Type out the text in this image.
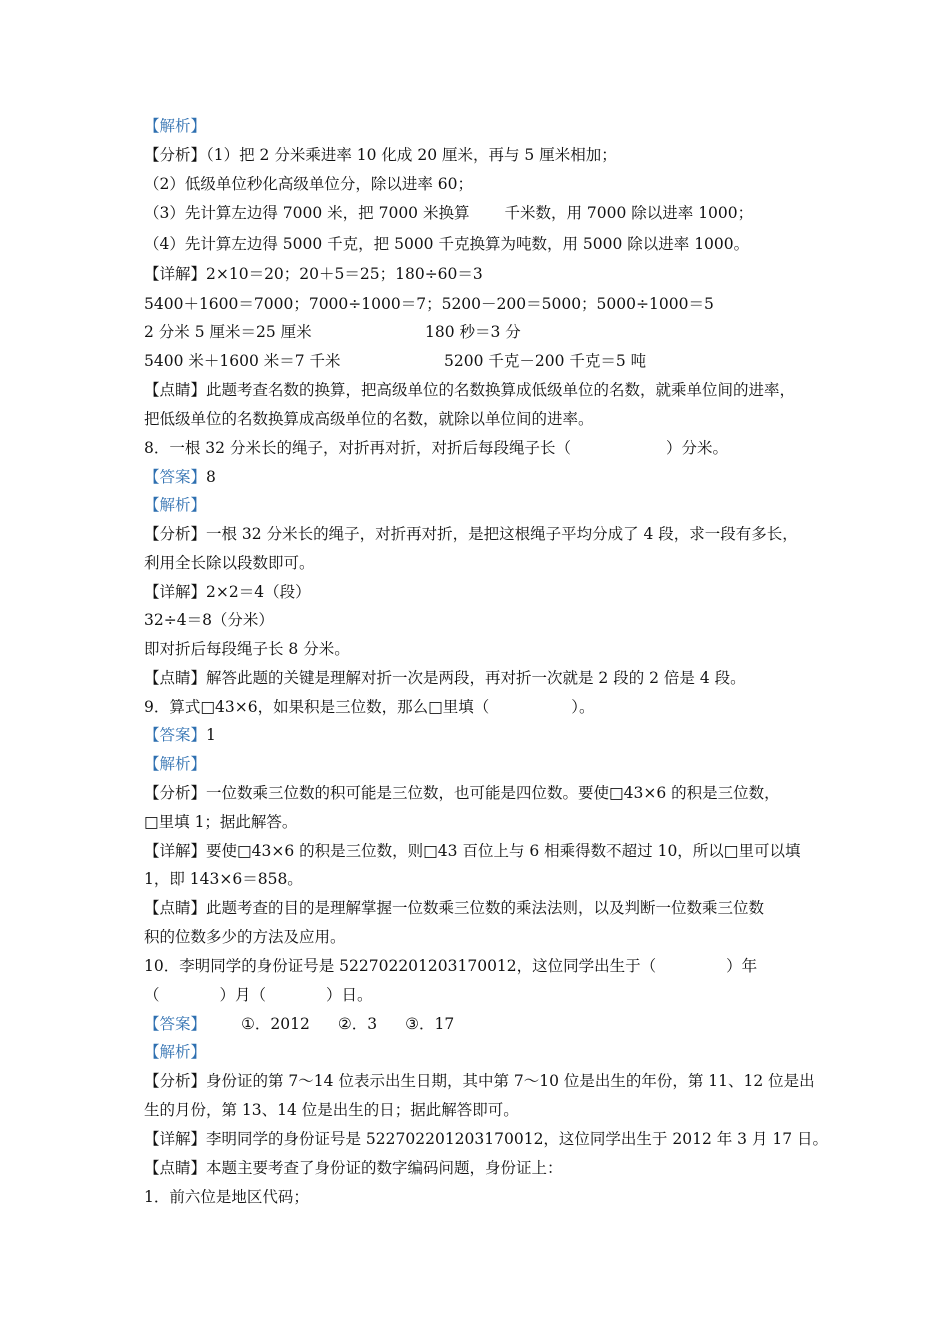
【解析】
【分析】（1）把 2 分米乘进率 10 化成 20 厘米，再与 5 厘米相加；
（2）低级单位秒化高级单位分，除以进率 60；
（3）先计算左边得 7000 米，把 7000 米换算 千米数，用 7000 除以进率 1000；
（4）先计算左边得 5000 千克，把 5000 千克换算为吨数，用 5000 除以进率 1000。
【详解】2×10＝20；20＋5＝25；180÷60＝3
5400＋1600＝7000；7000÷1000＝7；5200－200＝5000；5000÷1000＝5
2 分米 5 厘米＝25 厘米	180 秒＝3 分
5400 米＋1600 米＝7 千米	5200 千克－200 千克＝5 吨
【点睛】此题考查名数的换算，把高级单位的名数换算成低级单位的名数，就乘单位间的进率，
把低级单位的名数换算成高级单位的名数，就除以单位间的进率。
8．一根 32 分米长的绳子，对折再对折，对折后每段绳子长（	）分米。
【答案】8
【解析】
【分析】一根 32 分米长的绳子，对折再对折，是把这根绳子平均分成了 4 段，求一段有多长，
利用全长除以段数即可。
【详解】2×2＝4（段）
32÷4＝8（分米）
即对折后每段绳子长 8 分米。
【点睛】解答此题的关键是理解对折一次是两段，再对折一次就是 2 段的 2 倍是 4 段。
9．算式□43×6，如果积是三位数，那么□里填（	）。
【答案】1
【解析】
【分析】一位数乘三位数的积可能是三位数，也可能是四位数。要使□43×6 的积是三位数，
□里填 1；据此解答。
【详解】要使□43×6 的积是三位数，则□43 百位上与 6 相乘得数不超过 10，所以□里可以填
1，即 143×6＝858。
【点睛】此题考查的目的是理解掌握一位数乘三位数的乘法法则，以及判断一位数乘三位数
积的位数多少的方法及应用。
10．李明同学的身份证号是 522702201203170012，这位同学出生于（	）年
（	）月（	）日。
【答案】 ①．2012 ②．3 ③．17
【解析】
【分析】身份证的第 7～14 位表示出生日期，其中第 7～10 位是出生的年份，第 11、12 位是出
生的月份，第 13、14 位是出生的日；据此解答即可。
【详解】李明同学的身份证号是 522702201203170012，这位同学出生于 2012 年 3 月 17 日。
【点睛】本题主要考查了身份证的数字编码问题，身份证上：
1．前六位是地区代码；
